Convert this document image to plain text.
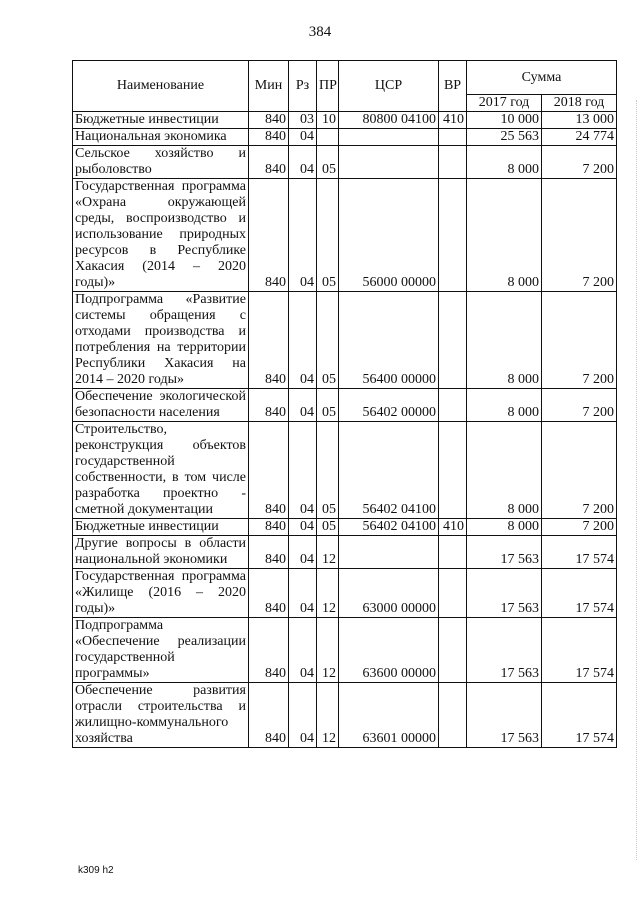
384
Наименование	Мин	Рз	ПР	ЦСР	ВР	Сумма	
						2017 год	2018 год
Бюджетные инвестиции	840	03	10	80800 04100	410	10 000	13 000
Национальная экономика	840	04				25 563	24 774
Сельское хозяйство и рыболовство	840	04	05			8 000	7 200
Государственная программа «Охрана окружающей среды, воспроизводство и использование природных ресурсов в Республике Хакасия (2014 – 2020 годы)»	840	04	05	56000 00000		8 000	7 200
Подпрограмма «Развитие системы обращения с отходами производства и потребления на территории Республики Хакасия на 2014 – 2020 годы»	840	04	05	56400 00000		8 000	7 200
Обеспечение экологической безопасности населения	840	04	05	56402 00000		8 000	7 200
Строительство, реконструкция объектов государственной собственности, в том числе разработка проектно - сметной документации	840	04	05	56402 04100		8 000	7 200
Бюджетные инвестиции	840	04	05	56402 04100	410	8 000	7 200
Другие вопросы в области национальной экономики	840	04	12			17 563	17 574
Государственная программа «Жилище (2016 – 2020 годы)»	840	04	12	63000 00000		17 563	17 574
Подпрограмма «Обеспечение реализации государственной программы»	840	04	12	63600 00000		17 563	17 574
Обеспечение развития отрасли строительства и жилищно-коммунального хозяйства	840	04	12	63601 00000		17 563	17 574
k309 h2
